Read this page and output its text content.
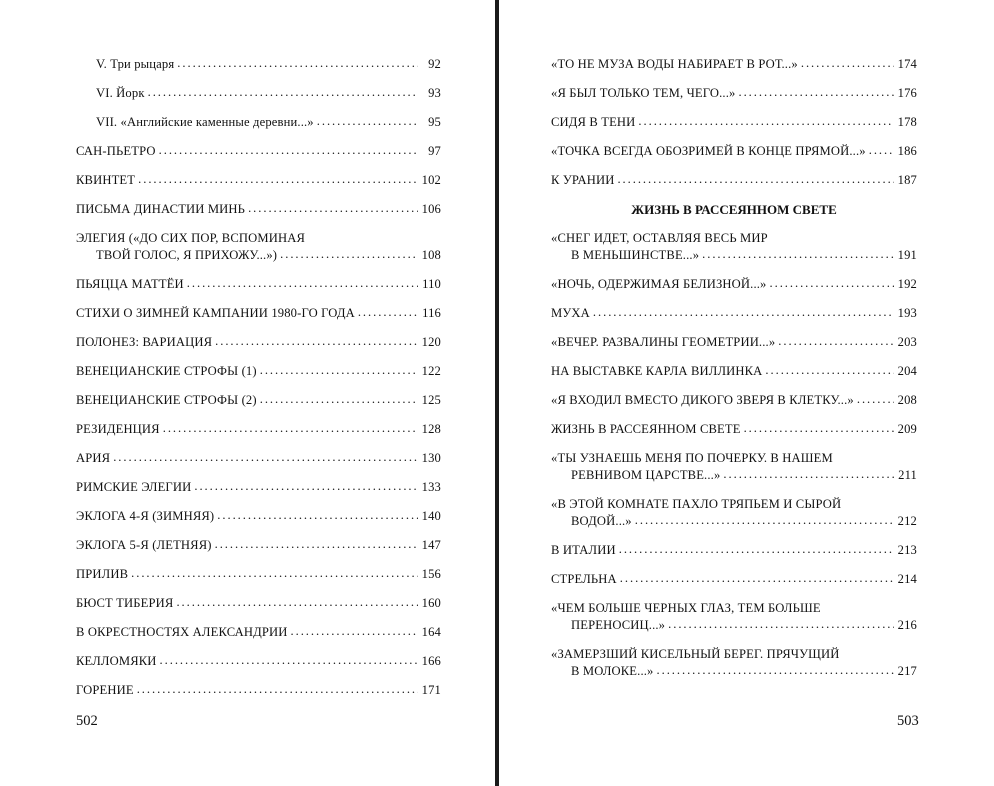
V. Три рыцаря . . .	92
VI. Йорк . . .	93
VII. «Английские каменные деревни...» . . .	95
САН-ПЬЕТРО . . .	97
КВИНТЕТ . . .	102
ПИСЬМА ДИНАСТИИ МИНЬ . . .	106
ЭЛЕГИЯ («ДО СИХ ПОР, ВСПОМИНАЯ
ТВОЙ ГОЛОС, Я ПРИХОЖУ...») . . .	108
ПЬЯЦЦА МАТТЁИ . . .	110
СТИХИ О ЗИМНЕЙ КАМПАНИИ 1980-ГО ГОДА . . .	116
ПОЛОНЕЗ: ВАРИАЦИЯ . . .	120
ВЕНЕЦИАНСКИЕ СТРОФЫ (1) . . .	122
ВЕНЕЦИАНСКИЕ СТРОФЫ (2) . . .	125
РЕЗИДЕНЦИЯ . . .	128
АРИЯ . . .	130
РИМСКИЕ ЭЛЕГИИ . . .	133
ЭКЛОГА 4-Я (ЗИМНЯЯ) . . .	140
ЭКЛОГА 5-Я (ЛЕТНЯЯ) . . .	147
ПРИЛИВ . . .	156
БЮСТ ТИБЕРИЯ . . .	160
В ОКРЕСТНОСТЯХ АЛЕКСАНДРИИ . . .	164
КЕЛЛОМЯКИ . . .	166
ГОРЕНИЕ . . .	171
502
«ТО НЕ МУЗА ВОДЫ НАБИРАЕТ В РОТ...» . . .	174
«Я БЫЛ ТОЛЬКО ТЕМ, ЧЕГО...» . . .	176
СИДЯ В ТЕНИ . . .	178
«ТОЧКА ВСЕГДА ОБОЗРИМЕЙ В КОНЦЕ ПРЯМОЙ...» . . .	186
К УРАНИИ . . .	187
ЖИЗНЬ В РАССЕЯННОМ СВЕТЕ
«СНЕГ ИДЕТ, ОСТАВЛЯЯ ВЕСЬ МИР
В МЕНЬШИНСТВЕ...» . . .	191
«НОЧЬ, ОДЕРЖИМАЯ БЕЛИЗНОЙ...» . . .	192
МУХА . . .	193
«ВЕЧЕР. РАЗВАЛИНЫ ГЕОМЕТРИИ...» . . .	203
НА ВЫСТАВКЕ КАРЛА ВИЛЛИНКА . . .	204
«Я ВХОДИЛ ВМЕСТО ДИКОГО ЗВЕРЯ В КЛЕТКУ...» . . .	208
ЖИЗНЬ В РАССЕЯННОМ СВЕТЕ . . .	209
«ТЫ УЗНАЕШЬ МЕНЯ ПО ПОЧЕРКУ. В НАШЕМ
РЕВНИВОМ ЦАРСТВЕ...» . . .	211
«В ЭТОЙ КОМНАТЕ ПАХЛО ТРЯПЬЕМ И СЫРОЙ
ВОДОЙ...» . . .	212
В ИТАЛИИ . . .	213
СТРЕЛЬНА . . .	214
«ЧЕМ БОЛЬШЕ ЧЕРНЫХ ГЛАЗ, ТЕМ БОЛЬШЕ
ПЕРЕНОСИЦ...» . . .	216
«ЗАМЕРЗШИЙ КИСЕЛЬНЫЙ БЕРЕГ. ПРЯЧУЩИЙ
В МОЛОКЕ...» . . .	217
503
